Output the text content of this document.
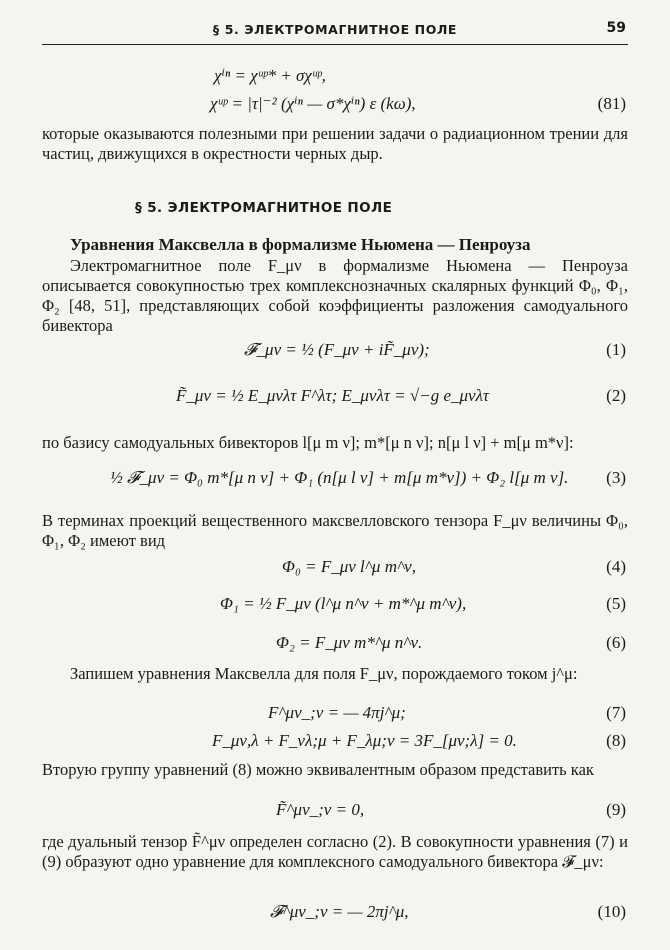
§ 5. ЭЛЕКТРОМАГНИТНОЕ ПОЛЕ	59
χⁱⁿ = χᵘᵖ* + σχᵘᵖ,
χᵘᵖ = |τ|⁻² (χⁱⁿ — σ*χⁱⁿ) ε (kω),	(81)
которые оказываются полезными при решении задачи о радиационном трении для частиц, движущихся в окрестности черных дыр.
§ 5. ЭЛЕКТРОМАГНИТНОЕ ПОЛЕ
Уравнения Максвелла в формализме Ньюмена — Пенроуза
Электромагнитное поле F_μν в формализме Ньюмена — Пенроуза описывается совокупностью трех комплекснозначных скалярных функций Φ₀, Φ₁, Φ₂ [48, 51], представляющих собой коэффициенты разложения самодуального бивектора
𝓕_μν = ½ (F_μν + iF̃_μν);	(1)
F̃_μν = ½ E_μνλτ F^λτ; E_μνλτ = √−g e_μνλτ	(2)
по базису самодуальных бивекторов l[μ m ν]; m*[μ n ν]; n[μ l ν] + m[μ m*ν]:
½ 𝓕_μν = Φ₀ m*[μ n ν] + Φ₁ (n[μ l ν] + m[μ m*ν]) + Φ₂ l[μ m ν]. (3)
В терминах проекций вещественного максвелловского тензора F_μν величины Φ₀, Φ₁, Φ₂ имеют вид
Φ₀ = F_μν l^μ m^ν,	(4)
Φ₁ = ½ F_μν (l^μ n^ν + m*^μ m^ν),	(5)
Φ₂ = F_μν m*^μ n^ν.	(6)
Запишем уравнения Максвелла для поля F_μν, порождаемого током j^μ:
F^μν_;ν = — 4πj^μ;	(7)
F_μν,λ + F_νλ;μ + F_λμ;ν = 3F_[μν;λ] = 0.	(8)
Вторую группу уравнений (8) можно эквивалентным образом представить как
F̃^μν_;ν = 0,	(9)
где дуальный тензор F̃^μν определен согласно (2). В совокупности уравнения (7) и (9) образуют одно уравнение для комплексного самодуального бивектора 𝓕_μν:
𝓕^μν_;ν = — 2πj^μ,	(10)
